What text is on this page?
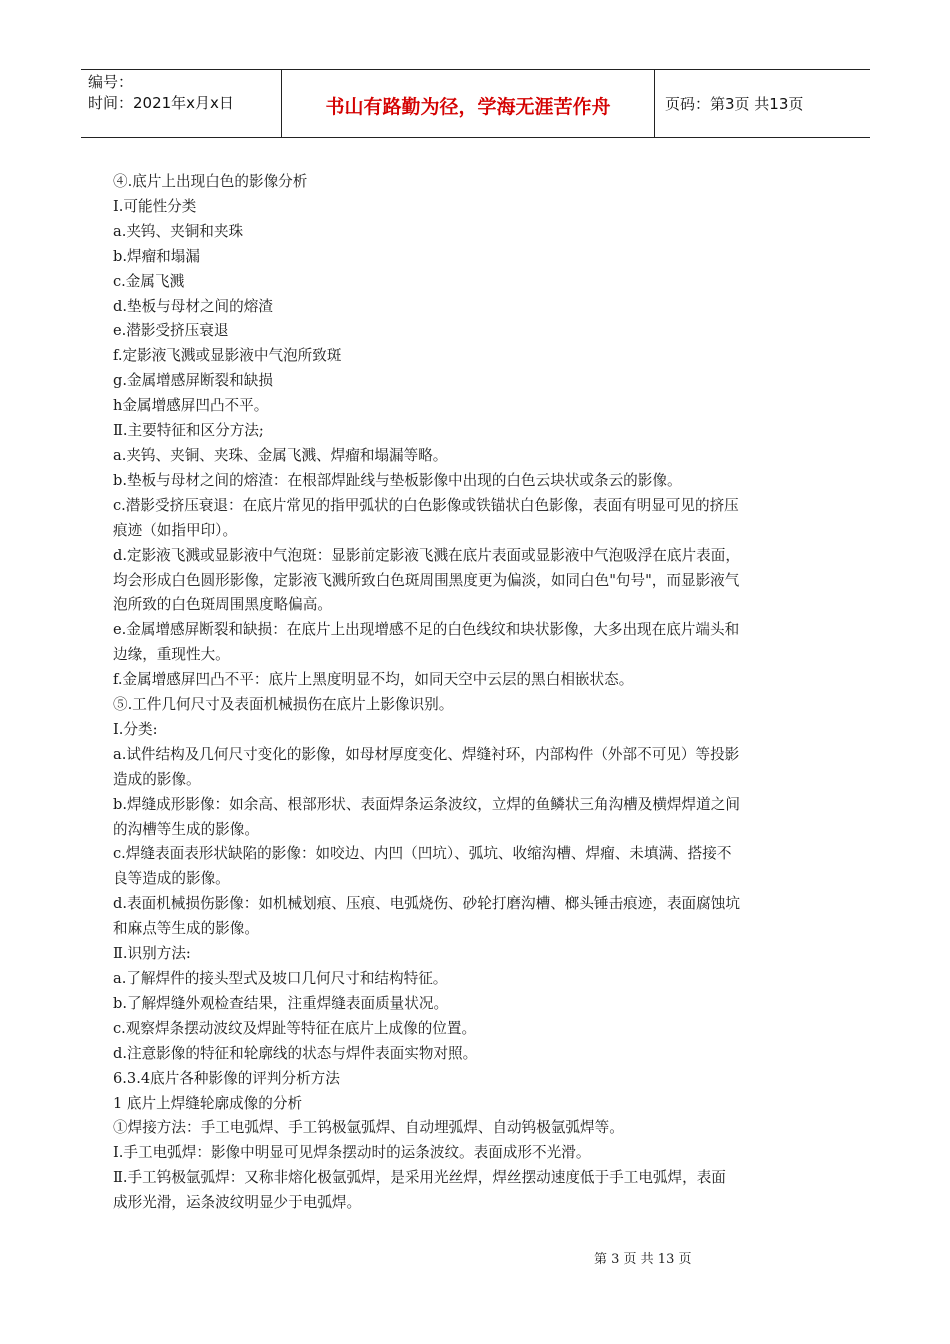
编号：
时间：2021年x月x日	书山有路勤为径，学海无涯苦作舟	页码：第3页 共13页

④.底片上出现白色的影像分析

Ⅰ.可能性分类

a.夹钨、夹铜和夹珠

b.焊瘤和塌漏

c.金属飞溅

d.垫板与母材之间的熔渣

e.潜影受挤压衰退

f.定影液飞溅或显影液中气泡所致斑

g.金属增感屏断裂和缺损

h金属增感屏凹凸不平。

Ⅱ.主要特征和区分方法;

a.夹钨、夹铜、夹珠、金属飞溅、焊瘤和塌漏等略。

b.垫板与母材之间的熔渣：在根部焊趾线与垫板影像中出现的白色云块状或条云的影像。

c.潜影受挤压衰退：在底片常见的指甲弧状的白色影像或铁锚状白色影像，表面有明显可见的挤压

痕迹（如指甲印）。

d.定影液飞溅或显影液中气泡斑：显影前定影液飞溅在底片表面或显影液中气泡吸浮在底片表面，

均会形成白色圆形影像，定影液飞溅所致白色斑周围黑度更为偏淡，如同白色"句号"，而显影液气

泡所致的白色斑周围黑度略偏高。

e.金属增感屏断裂和缺损：在底片上出现增感不足的白色线纹和块状影像，大多出现在底片端头和

边缘，重现性大。

f.金属增感屏凹凸不平：底片上黑度明显不均，如同天空中云层的黑白相嵌状态。

⑤.工件几何尺寸及表面机械损伤在底片上影像识别。

Ⅰ.分类:

a.试件结构及几何尺寸变化的影像，如母材厚度变化、焊缝衬环，内部构件（外部不可见）等投影

造成的影像。

b.焊缝成形影像：如余高、根部形状、表面焊条运条波纹，立焊的鱼鳞状三角沟槽及横焊焊道之间

的沟槽等生成的影像。

c.焊缝表面表形状缺陷的影像：如咬边、内凹（凹坑）、弧坑、收缩沟槽、焊瘤、未填满、搭接不

良等造成的影像。

d.表面机械损伤影像：如机械划痕、压痕、电弧烧伤、砂轮打磨沟槽、榔头锤击痕迹，表面腐蚀坑

和麻点等生成的影像。

Ⅱ.识别方法:

a.了解焊件的接头型式及坡口几何尺寸和结构特征。

b.了解焊缝外观检查结果，注重焊缝表面质量状况。

c.观察焊条摆动波纹及焊趾等特征在底片上成像的位置。

d.注意影像的特征和轮廓线的状态与焊件表面实物对照。

6.3.4底片各种影像的评判分析方法

1 底片上焊缝轮廓成像的分析

①焊接方法：手工电弧焊、手工钨极氩弧焊、自动埋弧焊、自动钨极氩弧焊等。

Ⅰ.手工电弧焊：影像中明显可见焊条摆动时的运条波纹。表面成形不光滑。

Ⅱ.手工钨极氩弧焊：又称非熔化极氩弧焊，是采用光丝焊，焊丝摆动速度低于手工电弧焊，表面

成形光滑，运条波纹明显少于电弧焊。

第 3 页 共 13 页
